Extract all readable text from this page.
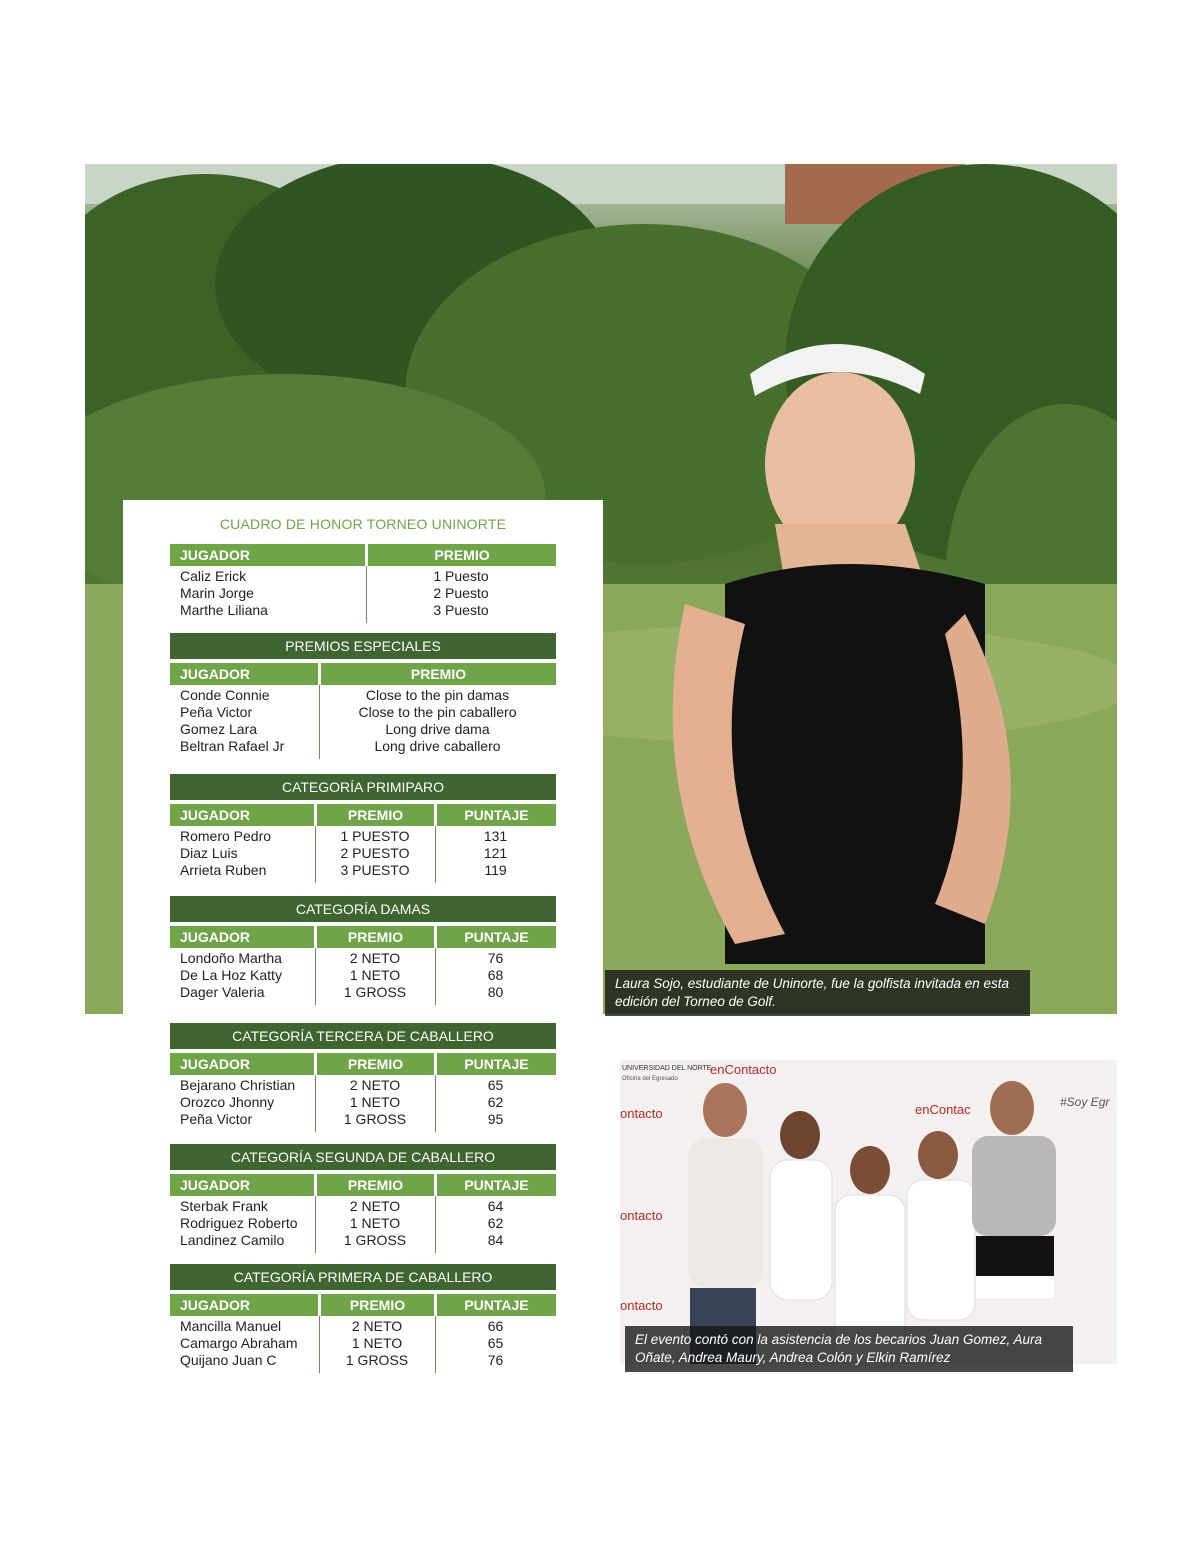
Laura Sojo, estudiante de Uninorte, fue la golfista invitada en esta edición del Torneo de Golf.
enContacto
ontacto	enContac	#Soy Egr
ontacto
ontacto
UNIVERSIDAD DEL NORTE
Oficina del Egresado
El evento contó con la asistencia de los becarios Juan Gomez, Aura Oñate, Andrea Maury, Andrea Colón y Elkin Ramírez
CUADRO DE HONOR TORNEO UNINORTE
JUGADOR	PREMIO
Caliz Erick	1 Puesto
Marin Jorge	2 Puesto
Marthe Liliana	3 Puesto
PREMIOS ESPECIALES
JUGADOR	PREMIO
Conde Connie	Close to the pin damas
Peña Victor	Close to the pin caballero
Gomez Lara	Long drive dama
Beltran Rafael Jr	Long drive caballero
CATEGORÍA PRIMIPARO
JUGADOR	PREMIO	PUNTAJE
Romero Pedro	1 PUESTO	131
Diaz Luis	2 PUESTO	121
Arrieta Ruben	3 PUESTO	119
CATEGORÍA DAMAS
JUGADOR	PREMIO	PUNTAJE
Londoño Martha	2 NETO	76
De La Hoz Katty	1 NETO	68
Dager Valeria	1 GROSS	80
CATEGORÍA TERCERA DE CABALLERO
JUGADOR	PREMIO	PUNTAJE
Bejarano Christian	2 NETO	65
Orozco Jhonny	1 NETO	62
Peña Victor	1 GROSS	95
CATEGORÍA SEGUNDA DE CABALLERO
JUGADOR	PREMIO	PUNTAJE
Sterbak Frank	2 NETO	64
Rodriguez Roberto	1 NETO	62
Landinez Camilo	1 GROSS	84
CATEGORÍA PRIMERA DE CABALLERO
JUGADOR	PREMIO	PUNTAJE
Mancilla Manuel	2 NETO	66
Camargo Abraham	1 NETO	65
Quijano Juan C	1 GROSS	76
